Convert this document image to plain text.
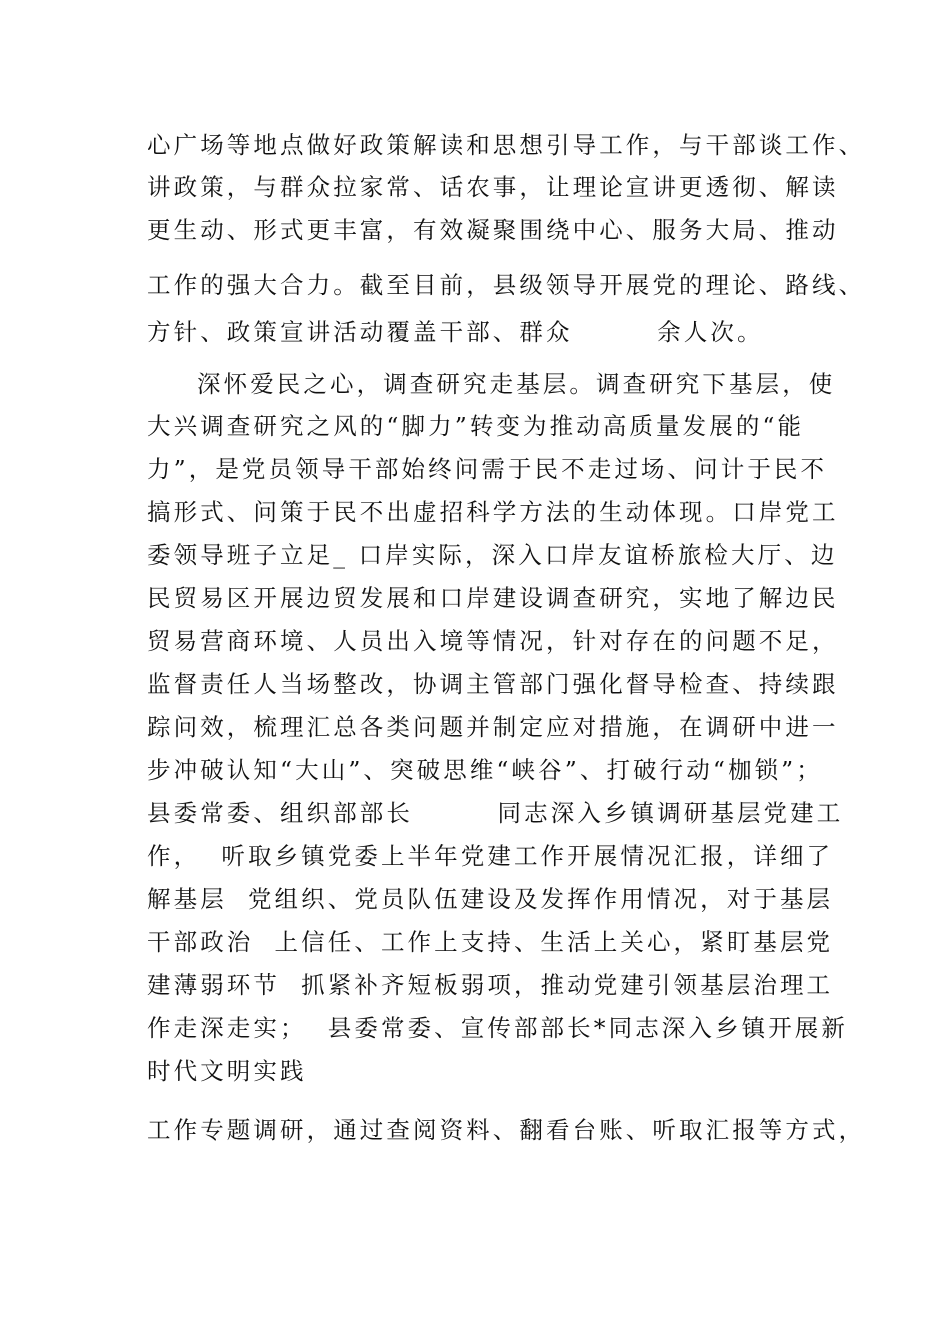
心广场等地点做好政策解读和思想引导工作，与干部谈工作、
讲政策，与群众拉家常、话农事，让理论宣讲更透彻、解读
更生动、形式更丰富，有效凝聚围绕中心、服务大局、推动
工作的强大合力。截至目前，县级领导开展党的理论、路线、
方针、政策宣讲活动覆盖干部、群众        余人次。
深怀爱民之心，调查研究走基层。调查研究下基层，使
大兴调查研究之风的“脚力”转变为推动高质量发展的“能
力”，是党员领导干部始终问需于民不走过场、问计于民不
搞形式、问策于民不出虚招科学方法的生动体现。口岸党工
委领导班子立足_ 口岸实际，深入口岸友谊桥旅检大厅、边
民贸易区开展边贸发展和口岸建设调查研究，实地了解边民
贸易营商环境、人员出入境等情况，针对存在的问题不足，
监督责任人当场整改，协调主管部门强化督导检查、持续跟
踪问效，梳理汇总各类问题并制定应对措施，在调研中进一
步冲破认知“大山”、突破思维“峡谷”、打破行动“枷锁”；
县委常委、组织部部长        同志深入乡镇调研基层党建工
作，  听取乡镇党委上半年党建工作开展情况汇报，详细了
解基层  党组织、党员队伍建设及发挥作用情况，对于基层
干部政治  上信任、工作上支持、生活上关心，紧盯基层党
建薄弱环节  抓紧补齐短板弱项，推动党建引领基层治理工
作走深走实；  县委常委、宣传部部长*同志深入乡镇开展新
时代文明实践
工作专题调研，通过查阅资料、翻看台账、听取汇报等方式，
